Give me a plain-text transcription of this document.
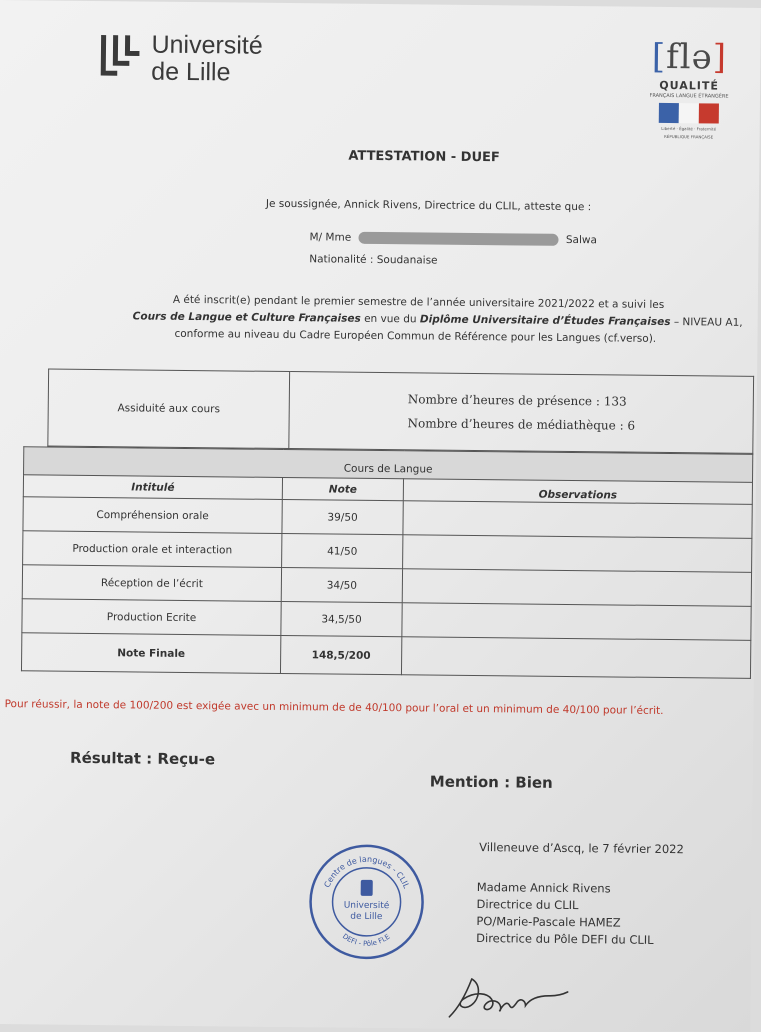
Université
de Lille	[flə]
QUALITÉ
FRANÇAIS LANGUE ÉTRANGÈRE
Liberté · Égalité · Fraternité
RÉPUBLIQUE FRANÇAISE
ATTESTATION - DUEF
Je soussignée, Annick Rivens, Directrice du CLIL, atteste que :
M/ Mme	Salwa
Nationalité : Soudanaise
A été inscrit(e) pendant le premier semestre de l’année universitaire 2021/2022 et a suivi les
Cours de Langue et Culture Françaises en vue du Diplôme Universitaire d’Études Françaises – NIVEAU A1,
conforme au niveau du Cadre Européen Commun de Référence pour les Langues (cf.verso).
Assiduité aux cours	
Nombre d’heures de présence : 133
Nombre d’heures de médiathèque : 6
Cours de Langue		
Intitulé	Note	Observations
Compréhension orale	39/50	
Production orale et interaction	41/50	
Réception de l’écrit	34/50	
Production Ecrite	34,5/50	
Note Finale	148,5/200	
Pour réussir, la note de 100/200 est exigée avec un minimum de de 40/100 pour l’oral et un minimum de 40/100 pour l’écrit.
Résultat : Reçu-e
Mention : Bien
Villeneuve d’Ascq, le 7 février 2022
Madame Annick Rivens
Directrice du CLIL
PO/Marie-Pascale HAMEZ
Directrice du Pôle DEFI du CLIL
Centre de langues - CLIL
DEFI - Pôle FLE
Université
de Lille
